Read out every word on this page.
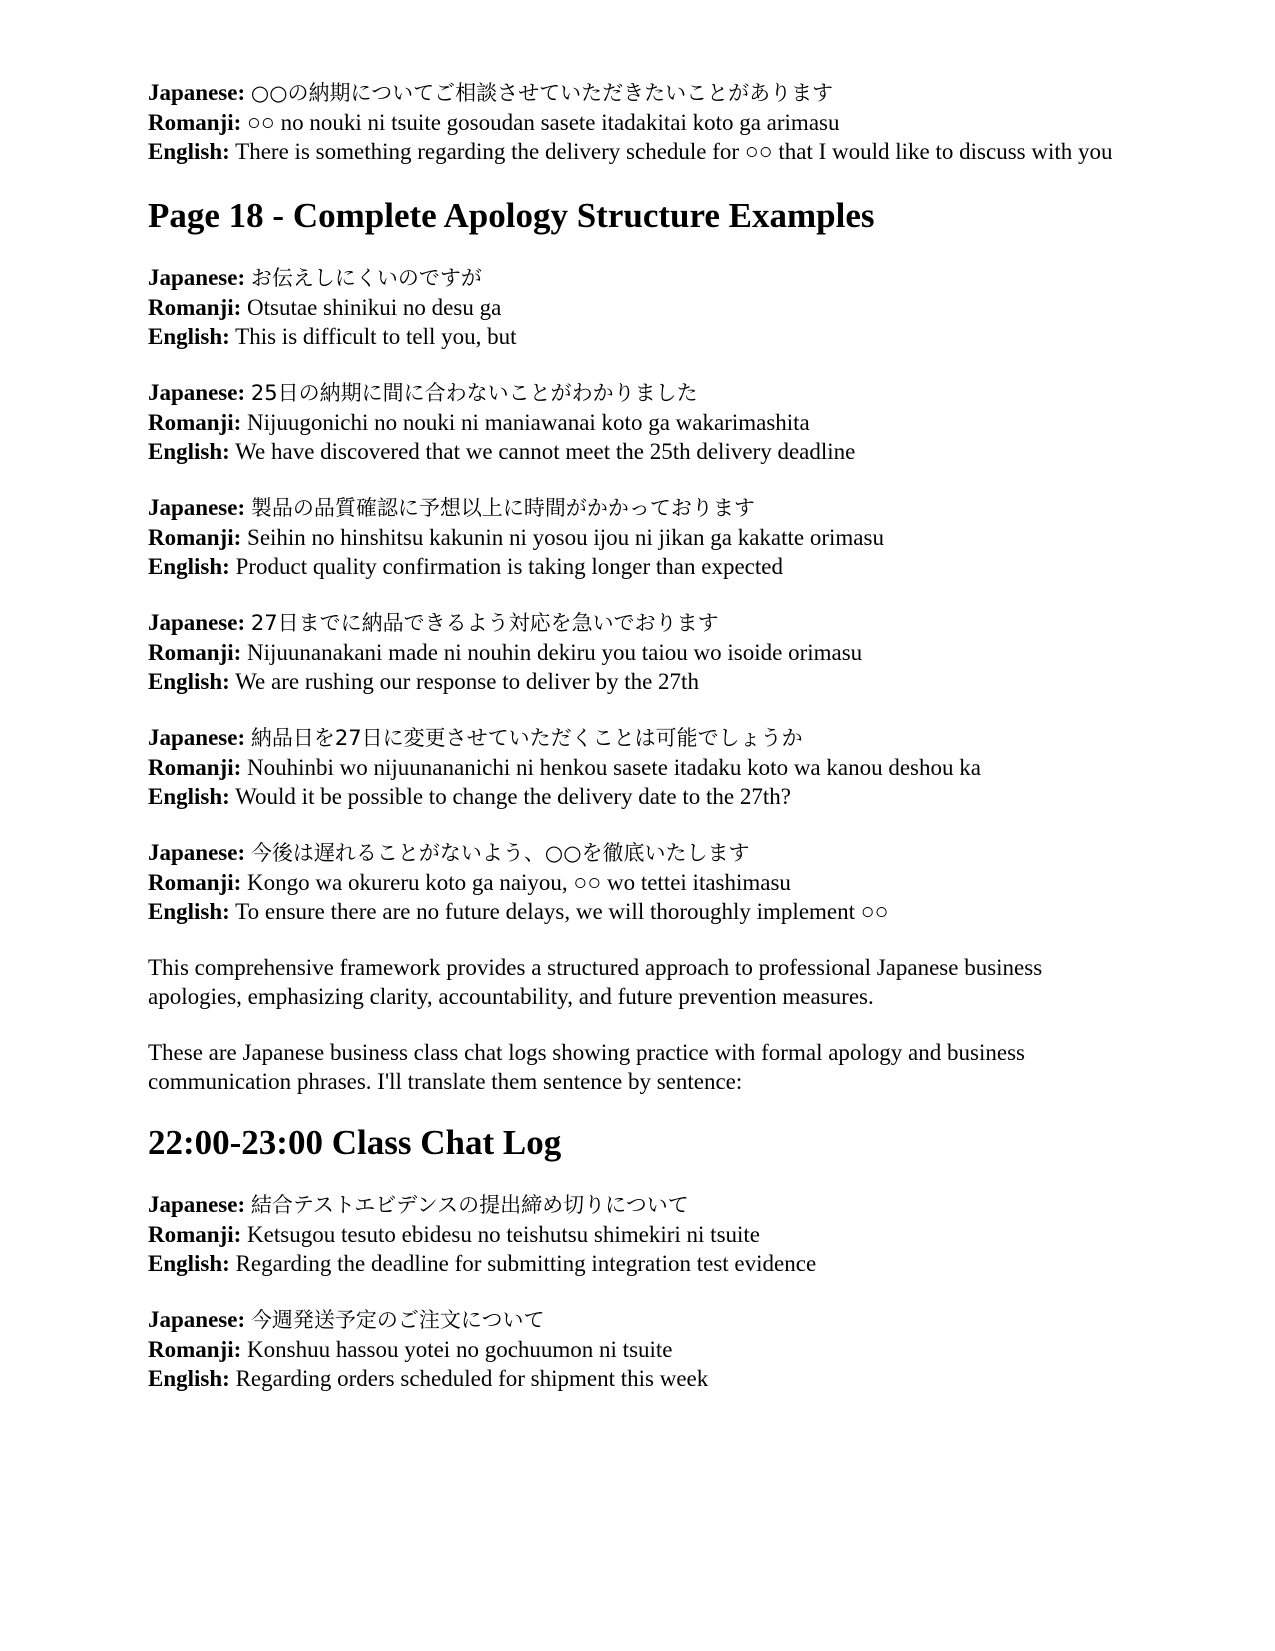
Japanese: ○○の納期についてご相談させていただきたいことがあります
Romanji: ○○ no nouki ni tsuite gosoudan sasete itadakitai koto ga arimasu
English: There is something regarding the delivery schedule for ○○ that I would like to discuss with you
Page 18 - Complete Apology Structure Examples
Japanese: お伝えしにくいのですが
Romanji: Otsutae shinikui no desu ga
English: This is difficult to tell you, but
Japanese: 25日の納期に間に合わないことがわかりました
Romanji: Nijuugonichi no nouki ni maniawanai koto ga wakarimashita
English: We have discovered that we cannot meet the 25th delivery deadline
Japanese: 製品の品質確認に予想以上に時間がかかっております
Romanji: Seihin no hinshitsu kakunin ni yosou ijou ni jikan ga kakatte orimasu
English: Product quality confirmation is taking longer than expected
Japanese: 27日までに納品できるよう対応を急いでおります
Romanji: Nijuunanakani made ni nouhin dekiru you taiou wo isoide orimasu
English: We are rushing our response to deliver by the 27th
Japanese: 納品日を27日に変更させていただくことは可能でしょうか
Romanji: Nouhinbi wo nijuunananichi ni henkou sasete itadaku koto wa kanou deshou ka
English: Would it be possible to change the delivery date to the 27th?
Japanese: 今後は遅れることがないよう、○○を徹底いたします
Romanji: Kongo wa okureru koto ga naiyou, ○○ wo tettei itashimasu
English: To ensure there are no future delays, we will thoroughly implement ○○

This comprehensive framework provides a structured approach to professional Japanese business apologies, emphasizing clarity, accountability, and future prevention measures.

These are Japanese business class chat logs showing practice with formal apology and business communication phrases. I'll translate them sentence by sentence:

22:00-23:00 Class Chat Log
Japanese: 結合テストエビデンスの提出締め切りについて
Romanji: Ketsugou tesuto ebidesu no teishutsu shimekiri ni tsuite
English: Regarding the deadline for submitting integration test evidence
Japanese: 今週発送予定のご注文について
Romanji: Konshuu hassou yotei no gochuumon ni tsuite
English: Regarding orders scheduled for shipment this week
